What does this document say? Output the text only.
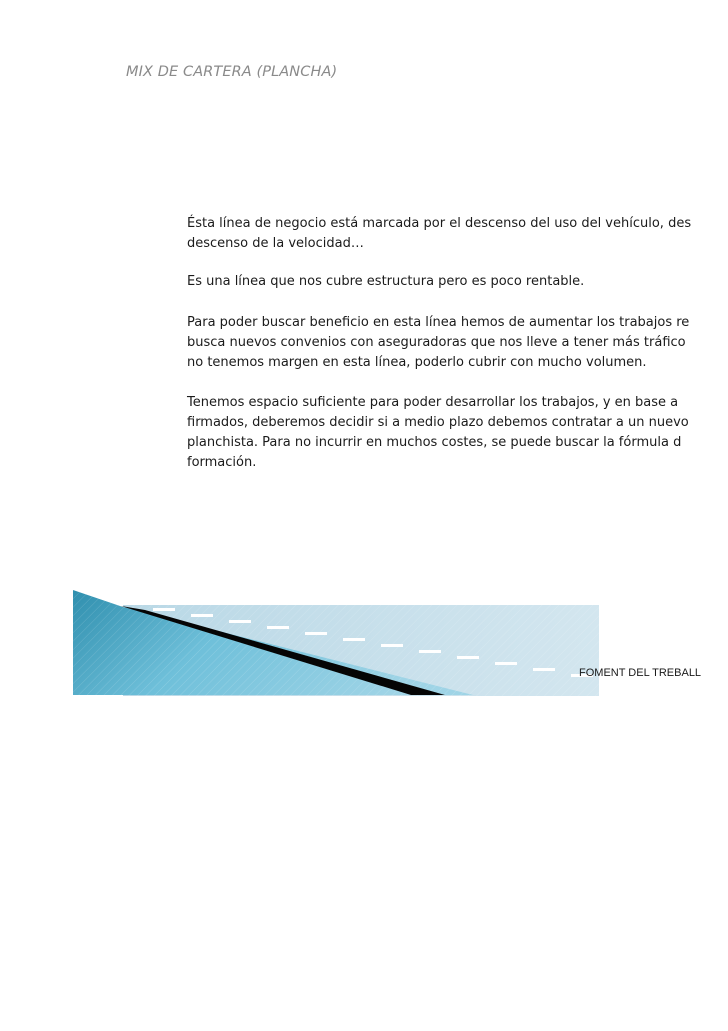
MIX DE CARTERA (PLANCHA)

Ésta línea de negocio está marcada por el descenso del uso del vehículo, des
descenso de la velocidad…

Es una línea que nos cubre estructura pero es poco rentable.

Para poder buscar beneficio en esta línea hemos de aumentar los trabajos re
busca nuevos convenios con aseguradoras que nos lleve a tener más tráfico
no tenemos margen en esta línea, poderlo cubrir con mucho volumen.

Tenemos espacio suficiente para poder desarrollar los trabajos, y en base a
firmados, deberemos decidir si a medio plazo debemos contratar a un nuevo
planchista. Para no incurrir en muchos costes, se puede buscar la fórmula d
formación.

FOMENT DEL TREBALL
